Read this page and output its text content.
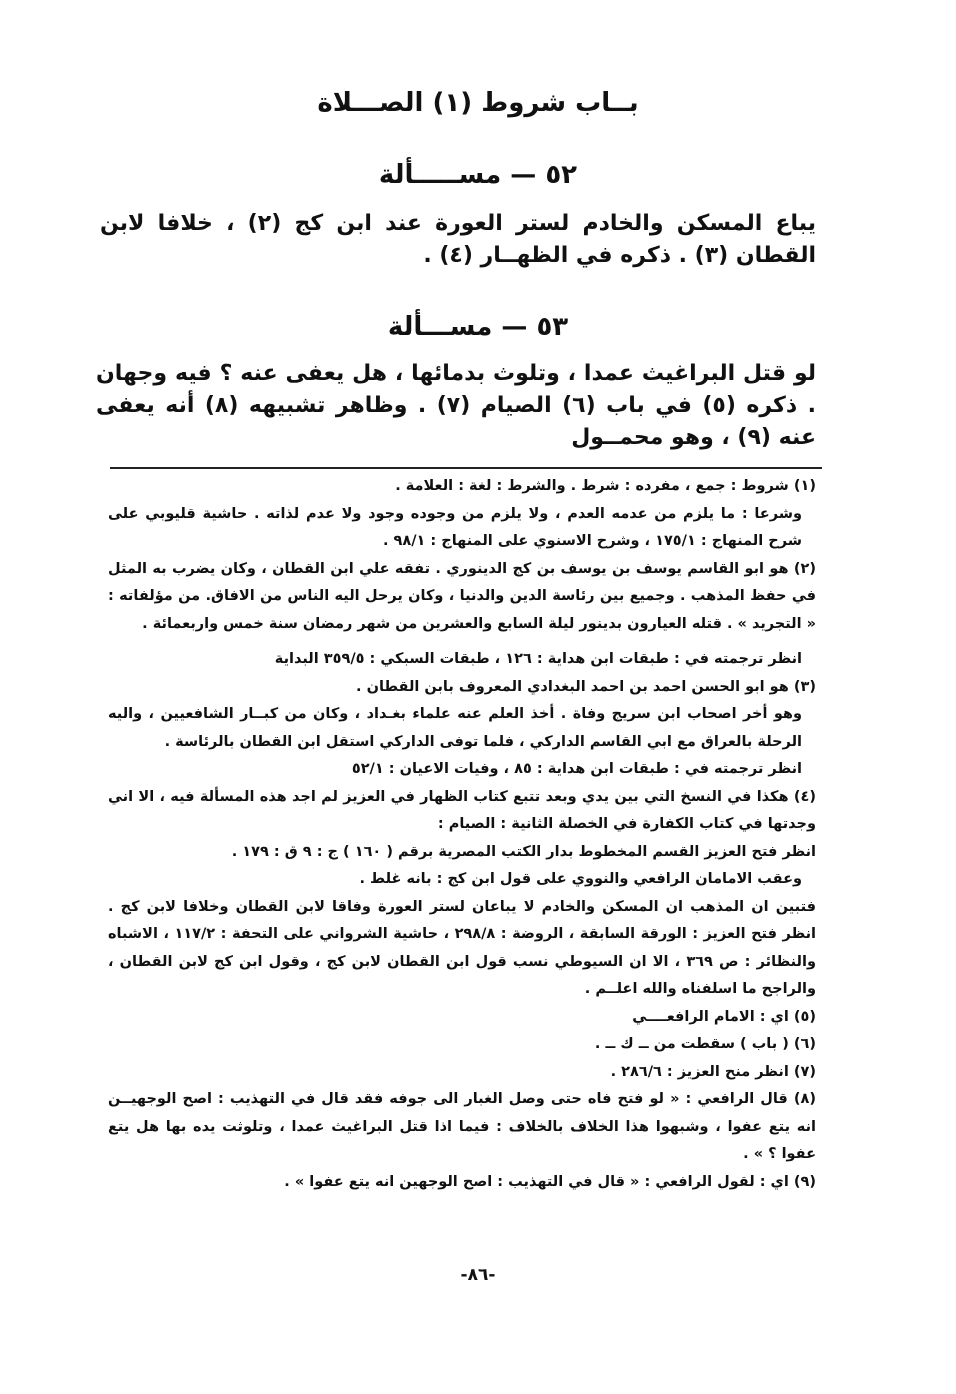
بــاب شروط (١) الصـــلاة
٥٢ — مســـــألة
يباع المسكن والخادم لستر العورة عند ابن كج (٢) ، خلافا لابن القطان (٣) . ذكره في الظهــار (٤) .
٥٣ — مســـألة
لو قتل البراغيث عمدا ، وتلوث بدمائها ، هل يعفى عنه ؟ فيه وجهان . ذكره (٥) في باب (٦) الصيام (٧) . وظاهر تشبيهه (٨) أنه يعفى عنه (٩) ، وهو محمــول

(١) شروط : جمع ، مفرده : شرط . والشرط : لغة : العلامة .

وشرعا : ما يلزم من عدمه العدم ، ولا يلزم من وجوده وجود ولا عدم لذاته . حاشية قليوبي على شرح المنهاج : ١٧٥/١ ، وشرح الاسنوي على المنهاج : ٩٨/١ .

(٢) هو ابو القاسم يوسف بن يوسف بن كج الدينوري . تفقه علي ابن القطان ، وكان يضرب به المثل في حفظ المذهب . وجميع بين رئاسة الدين والدنيا ، وكان يرحل اليه الناس من الافاق. من مؤلفاته : « التجريد » . قتله العيارون بدينور ليلة السابع والعشرين من شهر رمضان سنة خمس واربعمائة .

انظر ترجمته في : طبقات ابن هداية : ١٢٦ ، طبقات السبكي : ٣٥٩/٥ البداية

(٣) هو ابو الحسن احمد بن احمد البغدادي المعروف بابن القطان .

وهو أخر اصحاب ابن سريج وفاة . أخذ العلم عنه علماء بغـداد ، وكان من كبــار الشافعيين ، واليه الرحلة بالعراق مع ابي القاسم الداركي ، فلما توفى الداركي استقل ابن القطان بالرئاسة .

انظر ترجمته في : طبقات ابن هداية : ٨٥ ، وفيات الاعيان : ٥٢/١

(٤) هكذا في النسخ التي بين يدي وبعد تتبع كتاب الظهار في العزيز لم اجد هذه المسألة فيه ، الا اني وجدتها في كتاب الكفارة في الخصلة الثانية : الصيام :

انظر فتح العزيز القسم المخطوط بدار الكتب المصرية برقم ( ١٦٠ ) ج : ٩ ق : ١٧٩ .

وعقب الامامان الرافعي والنووي على قول ابن كج : بانه غلط .

فتبين ان المذهب ان المسكن والخادم لا يباعان لستر العورة وفاقا لابن القطان وخلافا لابن كج . انظر فتح العزيز : الورقة السابقة ، الروضة : ٢٩٨/٨ ، حاشية الشرواني على التحفة : ١١٧/٢ ، الاشباه والنظائر : ص ٣٦٩ ، الا ان السيوطي نسب قول ابن القطان لابن كج ، وقول ابن كج لابن القطان ، والراجح ما اسلفناه والله اعلــم .

(٥) اي : الامام الرافعــــي

(٦) ( باب ) سقطت من ــ ك ــ .

(٧) انظر منح العزيز : ٢٨٦/٦ .

(٨) قال الرافعي : « لو فتح فاه حتى وصل الغبار الى جوفه فقد قال في التهذيب : اصح الوجهيــن انه يتع عفوا ، وشبهوا هذا الخلاف بالخلاف : فيما اذا قتل البراغيث عمدا ، وتلوثت يده بها هل يتع عفوا ؟ » .

(٩) اي : لقول الرافعي : « قال في التهذيب : اصح الوجهين انه يتع عفوا » .

-٨٦-
